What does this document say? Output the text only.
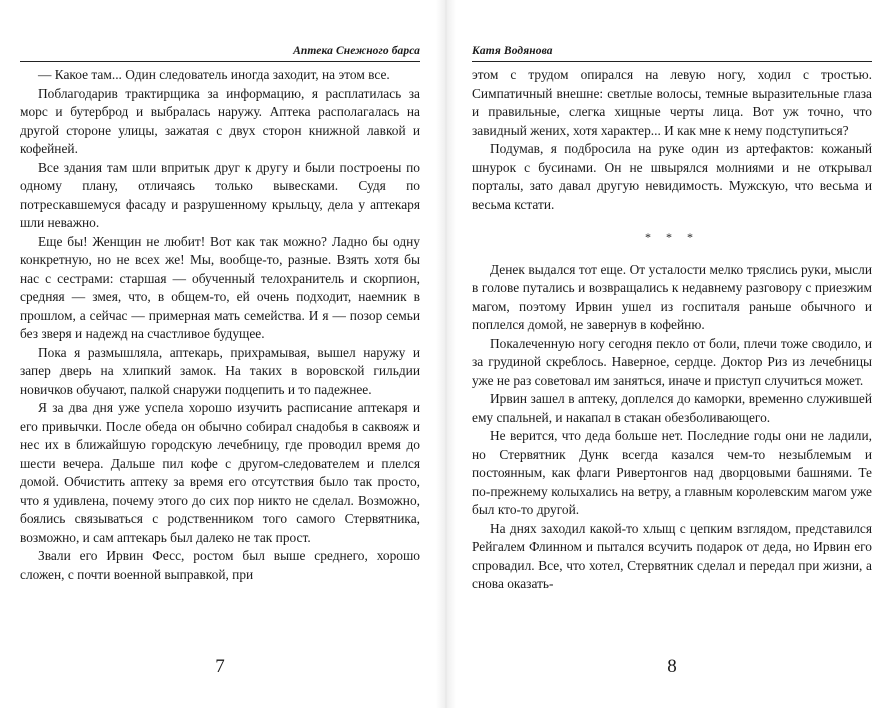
Аптека Снежного барса

— Какое там... Один следователь иногда заходит, на этом все.

Поблагодарив трактирщика за информацию, я расплатилась за морс и бутерброд и выбралась наружу. Аптека располагалась на другой стороне улицы, зажатая с двух сторон книжной лавкой и кофейней.

Все здания там шли впритык друг к другу и были построены по одному плану, отличаясь только вывесками. Судя по потрескавшемуся фасаду и разрушенному крыльцу, дела у аптекаря шли неважно.

Еще бы! Женщин не любит! Вот как так можно? Ладно бы одну конкретную, но не всех же! Мы, вообще-то, разные. Взять хотя бы нас с сестрами: старшая — обученный телохранитель и скорпион, средняя — змея, что, в общем-то, ей очень подходит, наемник в прошлом, а сейчас — примерная мать семейства. И я — позор семьи без зверя и надежд на счастливое будущее.

Пока я размышляла, аптекарь, прихрамывая, вышел наружу и запер дверь на хлипкий замок. На таких в воровской гильдии новичков обучают, палкой снаружи подцепить и то падежнее.

Я за два дня уже успела хорошо изучить расписание аптекаря и его привычки. После обеда он обычно собирал снадобья в саквояж и нес их в ближайшую городскую лечебницу, где проводил время до шести вечера. Дальше пил кофе с другом-следователем и плелся домой. Обчистить аптеку за время его отсутствия было так просто, что я удивлена, почему этого до сих пор никто не сделал. Возможно, боялись связываться с родственником того самого Стервятника, возможно, и сам аптекарь был далеко не так прост.

Звали его Ирвин Фесс, ростом был выше среднего, хорошо сложен, с почти военной выправкой, при

7
Катя Водянова

этом с трудом опирался на левую ногу, ходил с тростью. Симпатичный внешне: светлые волосы, темные выразительные глаза и правильные, слегка хищные черты лица. Вот уж точно, что завидный жених, хотя характер... И как мне к нему подступиться?

Подумав, я подбросила на руке один из артефактов: кожаный шнурок с бусинами. Он не швырялся молниями и не открывал порталы, зато давал другую невидимость. Мужскую, что весьма и весьма кстати.

* * *

Денек выдался тот еще. От усталости мелко тряслись руки, мысли в голове путались и возвращались к недавнему разговору с приезжим магом, поэтому Ирвин ушел из госпиталя раньше обычного и поплелся домой, не завернув в кофейню.

Покалеченную ногу сегодня пекло от боли, плечи тоже сводило, и за грудиной скреблось. Наверное, сердце. Доктор Риз из лечебницы уже не раз советовал им заняться, иначе и приступ случиться может.

Ирвин зашел в аптеку, доплелся до каморки, временно служившей ему спальней, и накапал в стакан обезболивающего.

Не верится, что деда больше нет. Последние годы они не ладили, но Стервятник Дунк всегда казался чем-то незыблемым и постоянным, как флаги Ривертонгов над дворцовыми башнями. Те по-прежнему колыхались на ветру, а главным королевским магом уже был кто-то другой.

На днях заходил какой-то хлыщ с цепким взглядом, представился Рейгалем Флинном и пытался всучить подарок от деда, но Ирвин его спровадил. Все, что хотел, Стервятник сделал и передал при жизни, а снова оказать-

8
